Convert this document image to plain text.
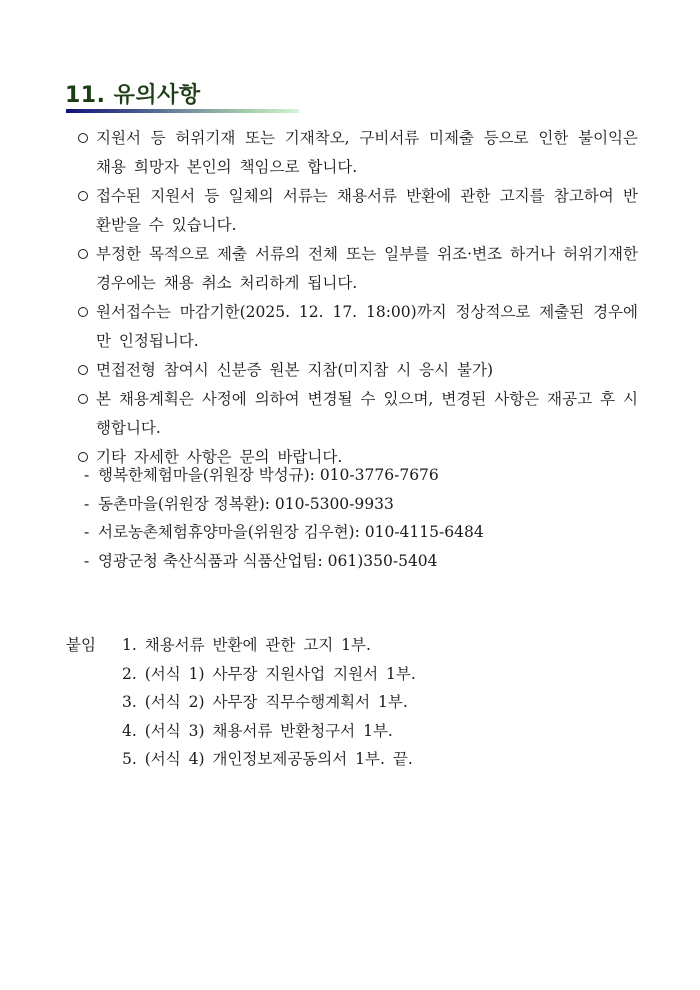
11. 유의사항
지원서 등 허위기재 또는 기재착오, 구비서류 미제출 등으로 인한 불이익은 채용 희망자 본인의 책임으로 합니다.
접수된 지원서 등 일체의 서류는 채용서류 반환에 관한 고지를 참고하여 반환받을 수 있습니다.
부정한 목적으로 제출 서류의 전체 또는 일부를 위조·변조 하거나 허위기재한 경우에는 채용 취소 처리하게 됩니다.
원서접수는 마감기한(2025. 12. 17. 18:00)까지 정상적으로 제출된 경우에만 인정됩니다.
면접전형 참여시 신분증 원본 지참(미지참 시 응시 불가)
본 채용계획은 사정에 의하여 변경될 수 있으며, 변경된 사항은 재공고 후 시행합니다.
기타 자세한 사항은 문의 바랍니다.
- 행복한체험마을(위원장 박성규): 010-3776-7676
- 동촌마을(위원장 정복환): 010-5300-9933
- 서로농촌체험휴양마을(위원장 김우현): 010-4115-6484
- 영광군청 축산식품과 식품산업팀: 061)350-5404
붙임 1. 채용서류 반환에 관한 고지 1부.
2. (서식 1) 사무장 지원사업 지원서 1부.
3. (서식 2) 사무장 직무수행계획서 1부.
4. (서식 3) 채용서류 반환청구서 1부.
5. (서식 4) 개인정보제공동의서 1부. 끝.
